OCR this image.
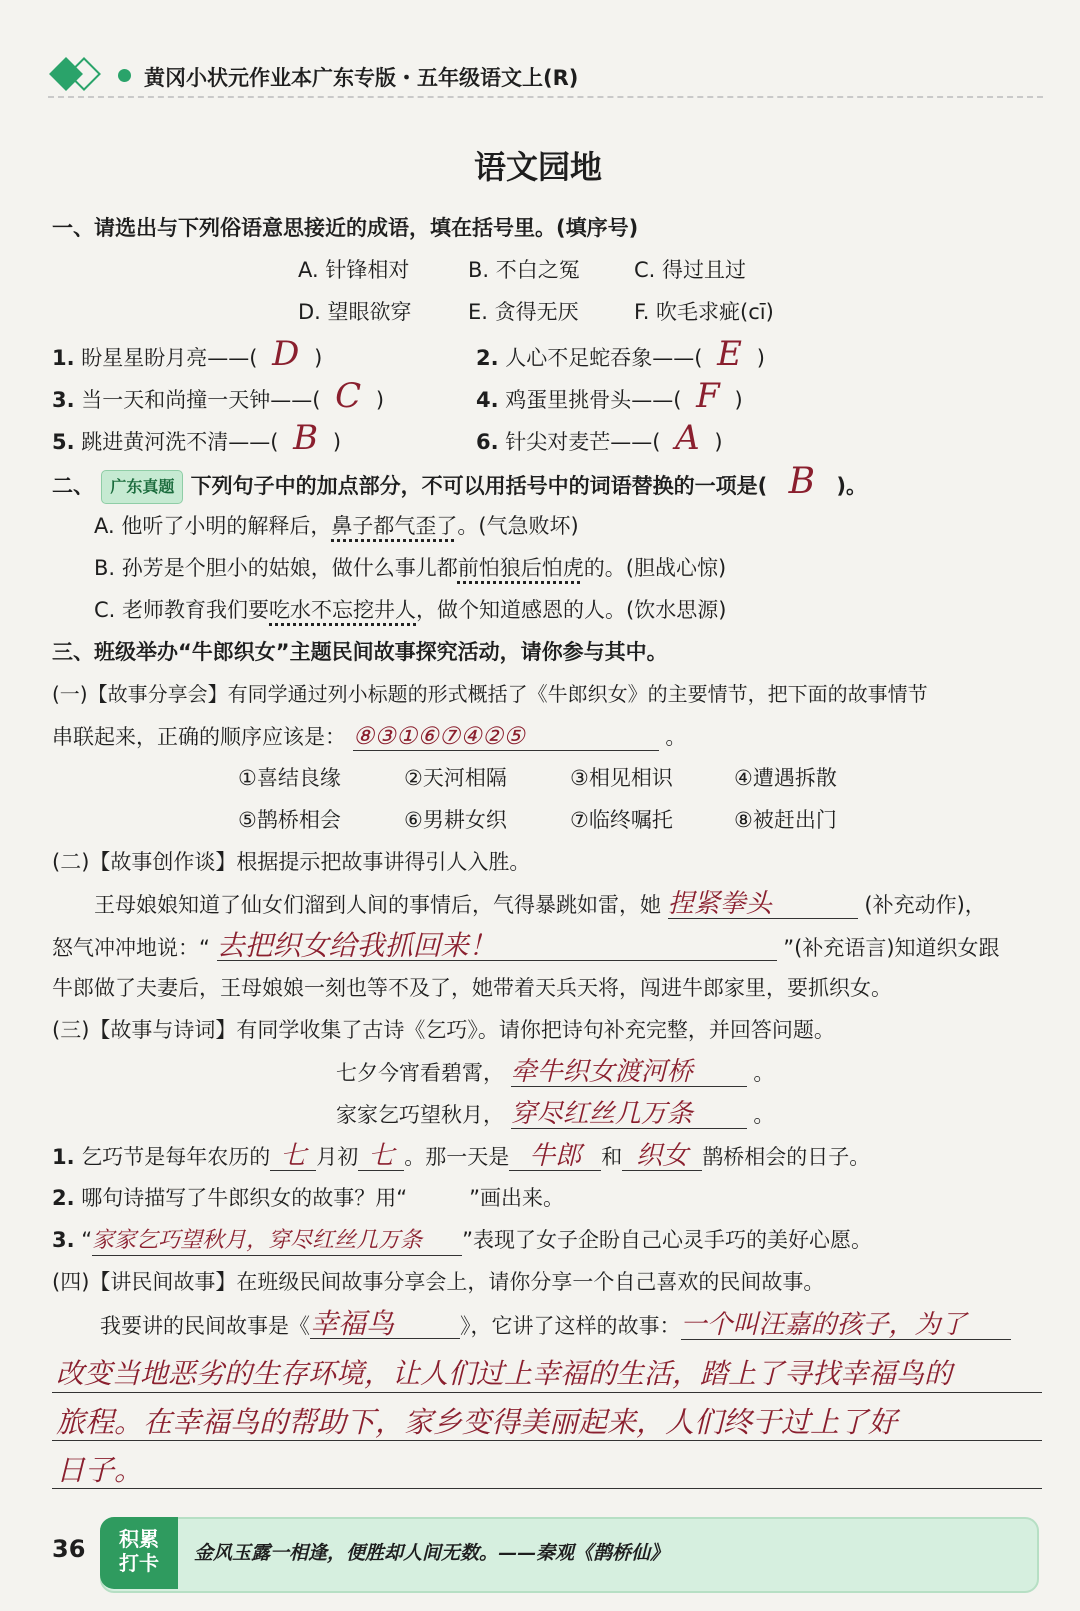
黄冈小状元作业本广东专版・五年级语文上(R)
语文园地
一、请选出与下列俗语意思接近的成语，填在括号里。(填序号)
A. 针锋相对	B. 不白之冤	C. 得过且过
D. 望眼欲穿	E. 贪得无厌	F. 吹毛求疵(cī)
1. 盼星星盼月亮——( D )	2. 人心不足蛇吞象——( E )
3. 当一天和尚撞一天钟——( C )	4. 鸡蛋里挑骨头——( F )
5. 跳进黄河洗不清——( B )	6. 针尖对麦芒——( A )
二、 广东真题 下列句子中的加点部分，不可以用括号中的词语替换的一项是( B )。
A. 他听了小明的解释后，鼻子都气歪了。(气急败坏)
B. 孙芳是个胆小的姑娘，做什么事儿都前怕狼后怕虎的。(胆战心惊)
C. 老师教育我们要吃水不忘挖井人，做个知道感恩的人。(饮水思源)
三、班级举办“牛郎织女”主题民间故事探究活动，请你参与其中。
(一)【故事分享会】有同学通过列小标题的形式概括了《牛郎织女》的主要情节，把下面的故事情节
串联起来，正确的顺序应该是： ⑧③①⑥⑦④②⑤	。
①喜结良缘	②天河相隔	③相见相识	④遭遇拆散
⑤鹊桥相会	⑥男耕女织	⑦临终嘱托	⑧被赶出门
(二)【故事创作谈】根据提示把故事讲得引人入胜。
王母娘娘知道了仙女们溜到人间的事情后，气得暴跳如雷，她 捏紧拳头	(补充动作)，
怒气冲冲地说：“ 去把织女给我抓回来！	”(补充语言)知道织女跟
牛郎做了夫妻后，王母娘娘一刻也等不及了，她带着天兵天将，闯进牛郎家里，要抓织女。
(三)【故事与诗词】有同学收集了古诗《乞巧》。请你把诗句补充完整，并回答问题。
七夕今宵看碧霄， 牵牛织女渡河桥	。
家家乞巧望秋月， 穿尽红丝几万条	。
1. 乞巧节是每年农历的 七 月初 七 。那一天是 牛郎 和 织女 鹊桥相会的日子。
2. 哪句诗描写了牛郎织女的故事？用“	”画出来。
3. “家家乞巧望秋月，穿尽红丝几万条 ”表现了女子企盼自己心灵手巧的美好心愿。
(四)【讲民间故事】在班级民间故事分享会上，请你分享一个自己喜欢的民间故事。
我要讲的民间故事是《幸福鸟	》，它讲了这样的故事：一个叫汪嘉的孩子，为了
改变当地恶劣的生存环境，让人们过上幸福的生活，踏上了寻找幸福鸟的
旅程。在幸福鸟的帮助下，家乡变得美丽起来，人们终于过上了好
日子。
36	积累
打卡	金风玉露一相逢，便胜却人间无数。——秦观《鹊桥仙》
